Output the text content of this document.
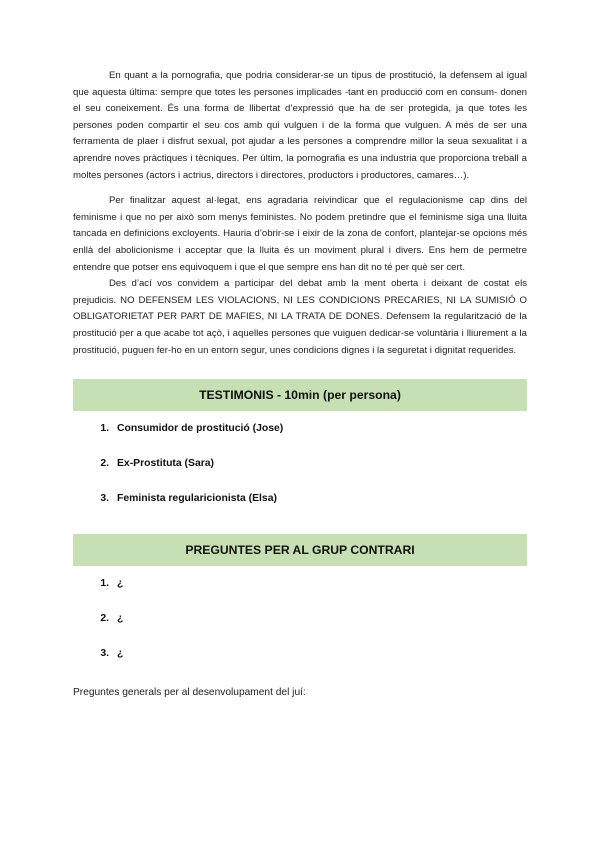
En quant a la pornografia, que podria considerar-se un tipus de prostitució, la defensem al igual que aquesta última: sempre que totes les persones implicades -tant en producció com en consum- donen el seu coneixement. És una forma de llibertat d’expressió que ha de ser protegida, ja que totes les persones poden compartir el seu cos amb qui vulguen i de la forma que vulguen. A més de ser una ferramenta de plaer i disfrut sexual, pot ajudar a les persones a comprendre millor la seua sexualitat i a aprendre noves pràctiques i tècniques. Per últim, la pornografia es una industria que proporciona treball a moltes persones (actors i actrius, directors i directores, productors i productores, camares…).

Per finalitzar aquest al·legat, ens agradaria reivindicar que el regulacionisme cap dins del feminisme i que no per això som menys feministes. No podem pretindre que el feminisme siga una lluita tancada en definicions excloyents. Hauria d’obrir-se i eixir de la zona de confort, plantejar-se opcions més enllà del abolicionisme i acceptar que la lluita és un moviment plural i divers. Ens hem de permetre entendre que potser ens equivoquem i que el que sempre ens han dit no té per què ser cert.

Des d’ací vos convidem a participar del debat amb la ment oberta i deixant de costat els prejudicis. NO DEFENSEM LES VIOLACIONS, NI LES CONDICIONS PRECARIES, NI LA SUMISIÓ O OBLIGATORIETAT PER PART DE MAFIES, NI LA TRATA DE DONES. Defensem la regularització de la prostitució per a que acabe tot açò, i aquelles persones que vuiguen dedicar-se voluntària i lliurement a la prostitució, puguen fer-ho en un entorn segur, unes condicions dignes i la seguretat i dignitat requerides.

TESTIMONIS - 10min (per persona)
1. Consumidor de prostitució (Jose)
2. Ex-Prostituta (Sara)
3. Feminista regularicionista (Elsa)
PREGUNTES PER AL GRUP CONTRARI
1. ¿
2. ¿
3. ¿

Preguntes generals per al desenvolupament del juí:
